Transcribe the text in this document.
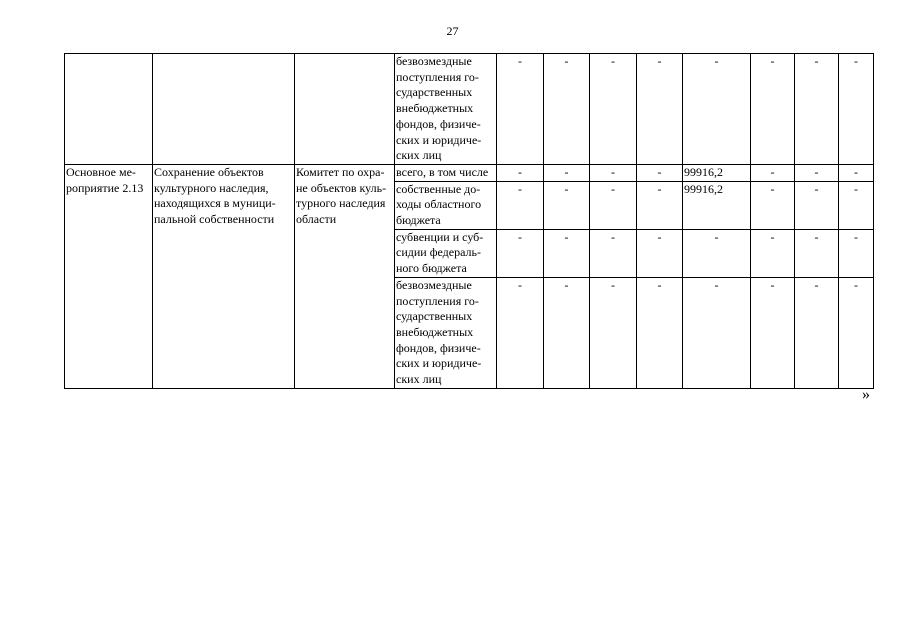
27
			безвозмездные поступления го-сударственных внебюджетных фондов, физиче-ских и юридиче-ских лиц	-	-	-	-	-	-	-	-
Основное ме-роприятие 2.13	Сохранение объектов культурного наследия, находящихся в муници-пальной собственности	Комитет по охра-не объектов куль-турного наследия области	всего, в том числе	-	-	-	-	99916,2	-	-	-
			собственные до-ходы областного бюджета	-	-	-	-	99916,2	-	-	-
			субвенции и суб-сидии федераль-ного бюджета	-	-	-	-	-	-	-	-
			безвозмездные поступления го-сударственных внебюджетных фондов, физиче-ских и юридиче-ских лиц	-	-	-	-	-	-	-	-
»
